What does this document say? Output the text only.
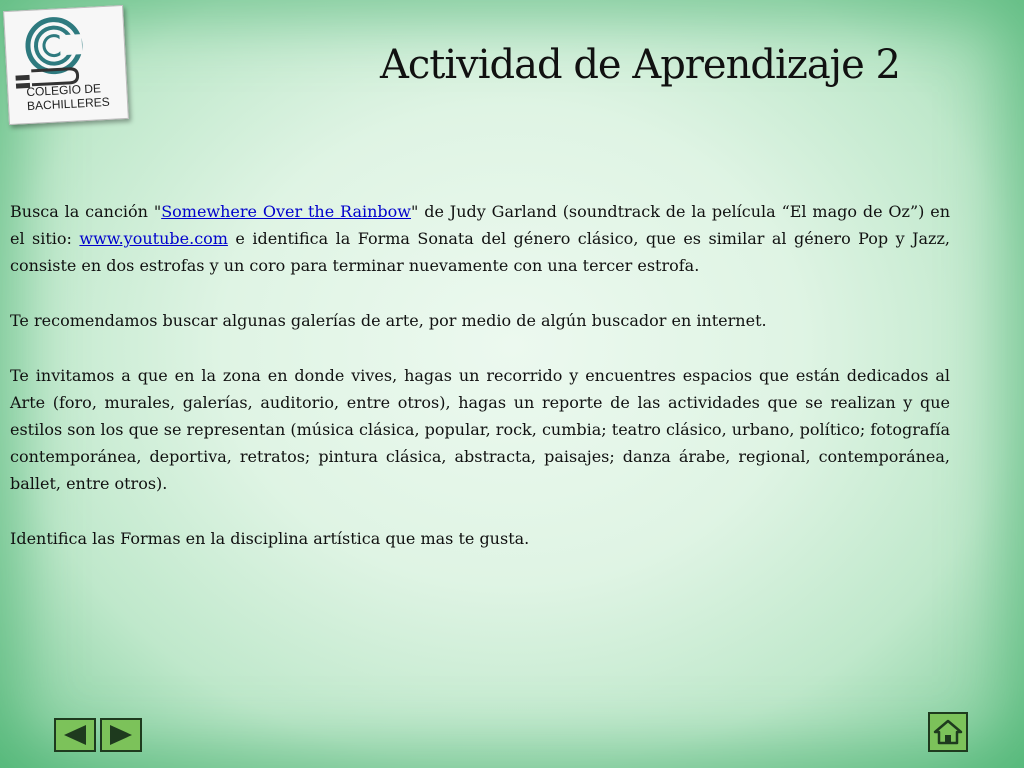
COLEGIO DE
BACHILLERES
Actividad de Aprendizaje 2

Busca la canción "Somewhere Over the Rainbow" de Judy Garland (soundtrack de la película “El mago de Oz”) en el sitio: www.youtube.com e identifica la Forma Sonata del género clásico, que es similar al género Pop y Jazz, consiste en dos estrofas y un coro para terminar nuevamente con una tercer estrofa.

Te recomendamos buscar algunas galerías de arte, por medio de algún buscador en internet.

Te invitamos a que en la zona en donde vives, hagas un recorrido y encuentres espacios que están dedicados al Arte (foro, murales, galerías, auditorio, entre otros), hagas un reporte de las actividades que se realizan y que estilos son los que se representan (música clásica, popular, rock, cumbia; teatro clásico, urbano, político; fotografía contemporánea, deportiva, retratos; pintura clásica, abstracta, paisajes; danza árabe, regional, contemporánea, ballet, entre otros).

Identifica las Formas en la disciplina artística que mas te gusta.
